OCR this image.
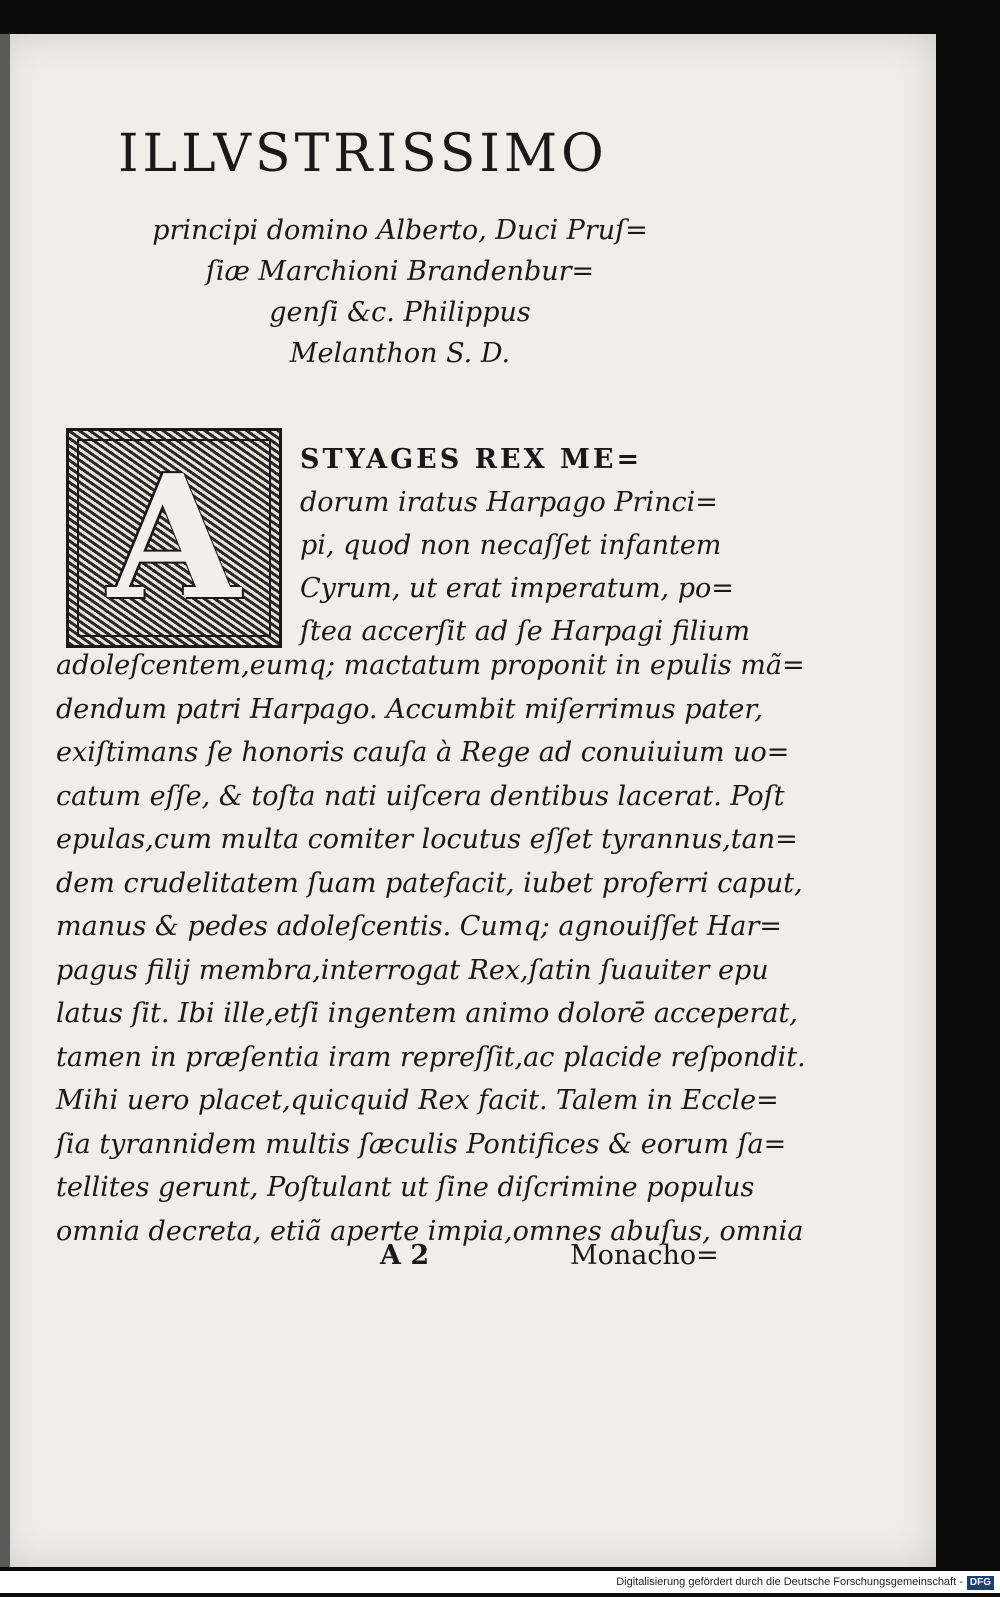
ILLVSTRISSIMO
principi domino Alberto, Duci Pruſ=
ſiæ Marchioni Brandenbur=
genſi &c. Philippus
Melanthon S. D.
A	STYAGES REX ME=
dorum iratus Harpago Princi=
pi, quod non necaſſet infantem
Cyrum, ut erat imperatum, po=
ſtea accerſit ad ſe Harpagi filium
adoleſcentem,eumq; mactatum proponit in epulis mã=
dendum patri Harpago. Accumbit miſerrimus pater,
exiſtimans ſe honoris cauſa à Rege ad conuiuium uo=
catum eſſe, & toſta nati uiſcera dentibus lacerat. Poſt
epulas,cum multa comiter locutus eſſet tyrannus,tan=
dem crudelitatem ſuam patefacit, iubet proferri caput,
manus & pedes adoleſcentis. Cumq; agnouiſſet Har=
pagus filij membra,interrogat Rex,ſatin ſuauiter epu
latus ſit. Ibi ille,etſi ingentem animo dolorē acceperat,
tamen in præſentia iram repreſſit,ac placide reſpondit.
Mihi uero placet,quicquid Rex facit. Talem in Eccle=
ſia tyrannidem multis ſæculis Pontifices & eorum ſa=
tellites gerunt, Poſtulant ut ſine diſcrimine populus
omnia decreta, etiã aperte impia,omnes abuſus, omnia
A 2	Monacho=
Digitalisierung gefördert durch die Deutsche Forschungsgemeinschaft - DFG
